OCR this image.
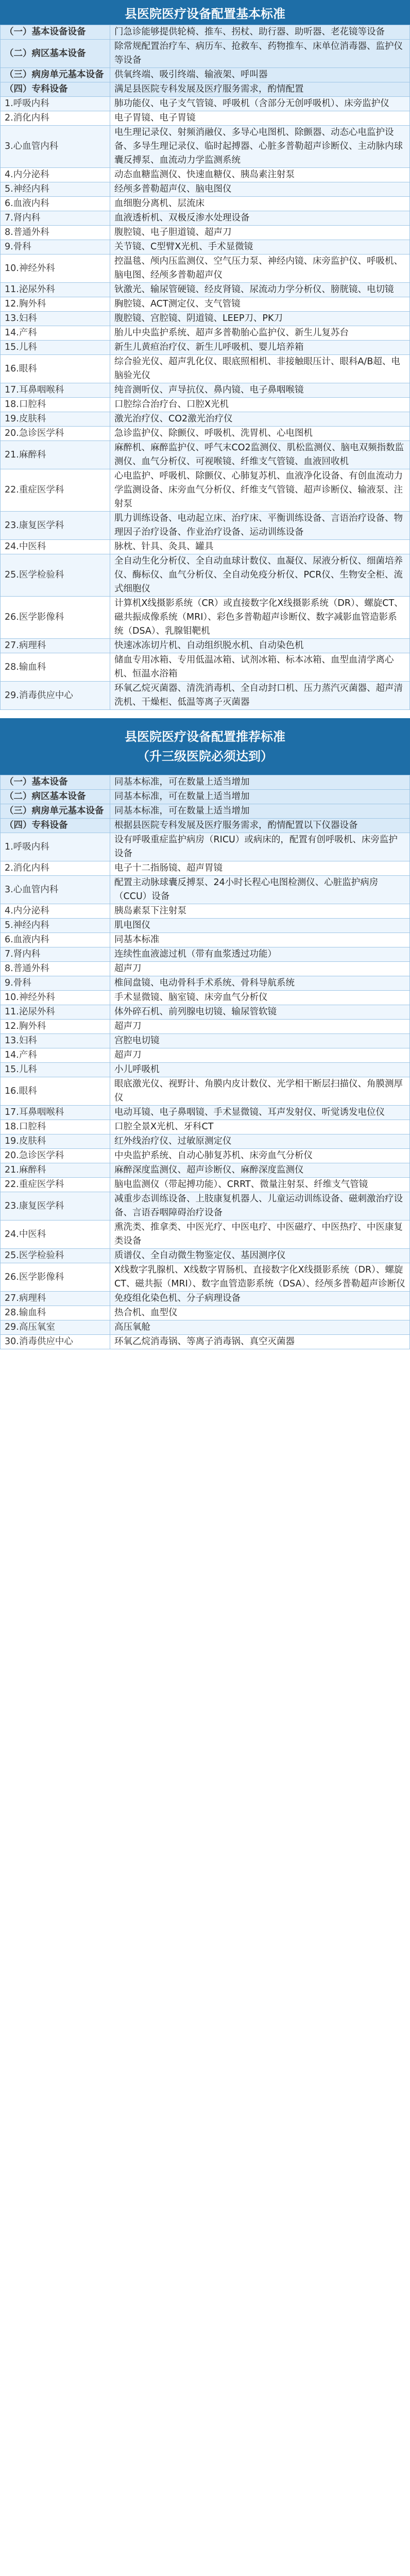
县医院医疗设备配置基本标准
（一）基本设备设备	门急诊能够提供轮椅、推车、拐杖、助行器、助听器、老花镜等设备
（二）病区基本设备	除常规配置治疗车、病历车、抢救车、药物推车、床单位消毒器、监护仪等设备
（三）病房单元基本设备	供氧终端、吸引终端、输液架、呼叫器
（四）专科设备	满足县医院专科发展及医疗服务需求，酌情配置
1.呼吸内科	肺功能仪、电子支气管镜、呼吸机（含部分无创呼吸机）、床旁监护仪
2.消化内科	电子胃镜、电子胃镜
3.心血管内科	电生理记录仪、射频消融仪、多导心电图机、除颤器、动态心电监护设备、多导生理记录仪、临时起搏器、心脏多普勒超声诊断仪、主动脉内球囊反搏泵、血流动力学监测系统
4.内分泌科	动态血糖监测仪、快速血糖仪、胰岛素注射泵
5.神经内科	经颅多普勒超声仪、脑电图仪
6.血液内科	血细胞分离机、层流床
7.肾内科	血液透析机、双极反渗水处理设备
8.普通外科	腹腔镜、电子胆道镜、超声刀
9.骨科	关节镜、C型臂X光机、手术显微镜
10.神经外科	控温毯、颅内压监测仪、空气压力泵、神经内镜、床旁监护仪、呼吸机、脑电图、经颅多普勒超声仪
11.泌尿外科	钬激光、输尿管硬镜、经皮肾镜、尿流动力学分析仪、膀胱镜、电切镜
12.胸外科	胸腔镜、ACT测定仪、支气管镜
13.妇科	腹腔镜、宫腔镜、阴道镜、LEEP刀、PK刀
14.产科	胎儿中央监护系统、超声多普勒胎心监护仪、新生儿复苏台
15.儿科	新生儿黄疸治疗仪、新生儿呼吸机、婴儿培养箱
16.眼科	综合验光仪、超声乳化仪、眼底照相机、非接触眼压计、眼科A/B超、电脑验光仪
17.耳鼻咽喉科	纯音测听仪、声导抗仪、鼻内镜、电子鼻咽喉镜
18.口腔科	口腔综合治疗台、口腔X光机
19.皮肤科	激光治疗仪、CO2激光治疗仪
20.急诊医学科	急诊监护仪、除颤仪、呼吸机、洗胃机、心电图机
21.麻醉科	麻醉机、麻醉监护仪、呼气末CO2监测仪、肌松监测仪、脑电双频指数监测仪、血气分析仪、可视喉镜、纤维支气管镜、血液回收机
22.重症医学科	心电监护、呼吸机、除颤仪、心肺复苏机、血液净化设备、有创血流动力学监测设备、床旁血气分析仪、纤维支气管镜、超声诊断仪、输液泵、注射泵
23.康复医学科	肌力训练设备、电动起立床、治疗床、平衡训练设备、言语治疗设备、物理因子治疗设备、作业治疗设备、运动训练设备
24.中医科	脉枕、针具、灸具、罐具
25.医学检验科	全自动生化分析仪、全自动血球计数仪、血凝仪、尿液分析仪、细菌培养仪、酶标仪、血气分析仪、全自动免疫分析仪、PCR仪、生物安全柜、流式细胞仪
26.医学影像科	计算机X线摄影系统（CR）或直接数字化X线摄影系统（DR）、螺旋CT、磁共振成像系统（MRI）、彩色多普勒超声诊断仪、数字减影血管造影系统（DSA）、乳腺钼靶机
27.病理科	快速冰冻切片机、自动组织脱水机、自动染色机
28.输血科	储血专用冰箱、专用低温冰箱、试剂冰箱、标本冰箱、血型血清学离心机、恒温水浴箱
29.消毒供应中心	环氧乙烷灭菌器、清洗消毒机、全自动封口机、压力蒸汽灭菌器、超声清洗机、干燥柜、低温等离子灭菌器
县医院医疗设备配置推荐标准
（升三级医院必须达到）
（一）基本设备	同基本标准，可在数量上适当增加
（二）病区基本设备	同基本标准，可在数量上适当增加
（三）病房单元基本设备	同基本标准，可在数量上适当增加
（四）专科设备	根据县医院专科发展及医疗服务需求，酌情配置以下仪器设备
1.呼吸内科	设有呼吸重症监护病房（RICU）或病床的，配置有创呼吸机、床旁监护设备
2.消化内科	电子十二指肠镜、超声胃镜
3.心血管内科	配置主动脉球囊反搏泵、24小时长程心电图检测仪、心脏监护病房（CCU）设备
4.内分泌科	胰岛素泵下注射泵
5.神经内科	肌电图仪
6.血液内科	同基本标准
7.肾内科	连续性血液滤过机（带有血浆透过功能）
8.普通外科	超声刀
9.骨科	椎间盘镜、电动骨科手术系统、骨科导航系统
10.神经外科	手术显微镜、脑室镜、床旁血气分析仪
11.泌尿外科	体外碎石机、前列腺电切镜、输尿管软镜
12.胸外科	超声刀
13.妇科	宫腔电切镜
14.产科	超声刀
15.儿科	小儿呼吸机
16.眼科	眼底激光仪、视野计、角膜内皮计数仪、光学相干断层扫描仪、角膜测厚仪
17.耳鼻咽喉科	电动耳镜、电子鼻咽镜、手术显微镜、耳声发射仪、听觉诱发电位仪
18.口腔科	口腔全景X光机、牙科CT
19.皮肤科	红外线治疗仪、过敏原测定仪
20.急诊医学科	中央监护系统、自动心肺复苏机、床旁血气分析仪
21.麻醉科	麻醉深度监测仪、超声诊断仪、麻醉深度监测仪
22.重症医学科	脑电监测仪（带起搏功能）、CRRT、微量注射泵、纤维支气管镜
23.康复医学科	减重步态训练设备、上肢康复机器人、儿童运动训练设备、磁刺激治疗设备、言语吞咽障碍治疗设备
24.中医科	熏洗类、推拿类、中医光疗、中医电疗、中医磁疗、中医热疗、中医康复类设备
25.医学检验科	质谱仪、全自动微生物鉴定仪、基因测序仪
26.医学影像科	X线数字乳腺机、X线数字胃肠机、直接数字化X线摄影系统（DR）、螺旋CT、磁共振（MRI）、数字血管造影系统（DSA）、经颅多普勒超声诊断仪
27.病理科	免疫组化染色机、分子病理设备
28.输血科	热合机、血型仪
29.高压氧室	高压氧舱
30.消毒供应中心	环氧乙烷消毒锅、等离子消毒锅、真空灭菌器
